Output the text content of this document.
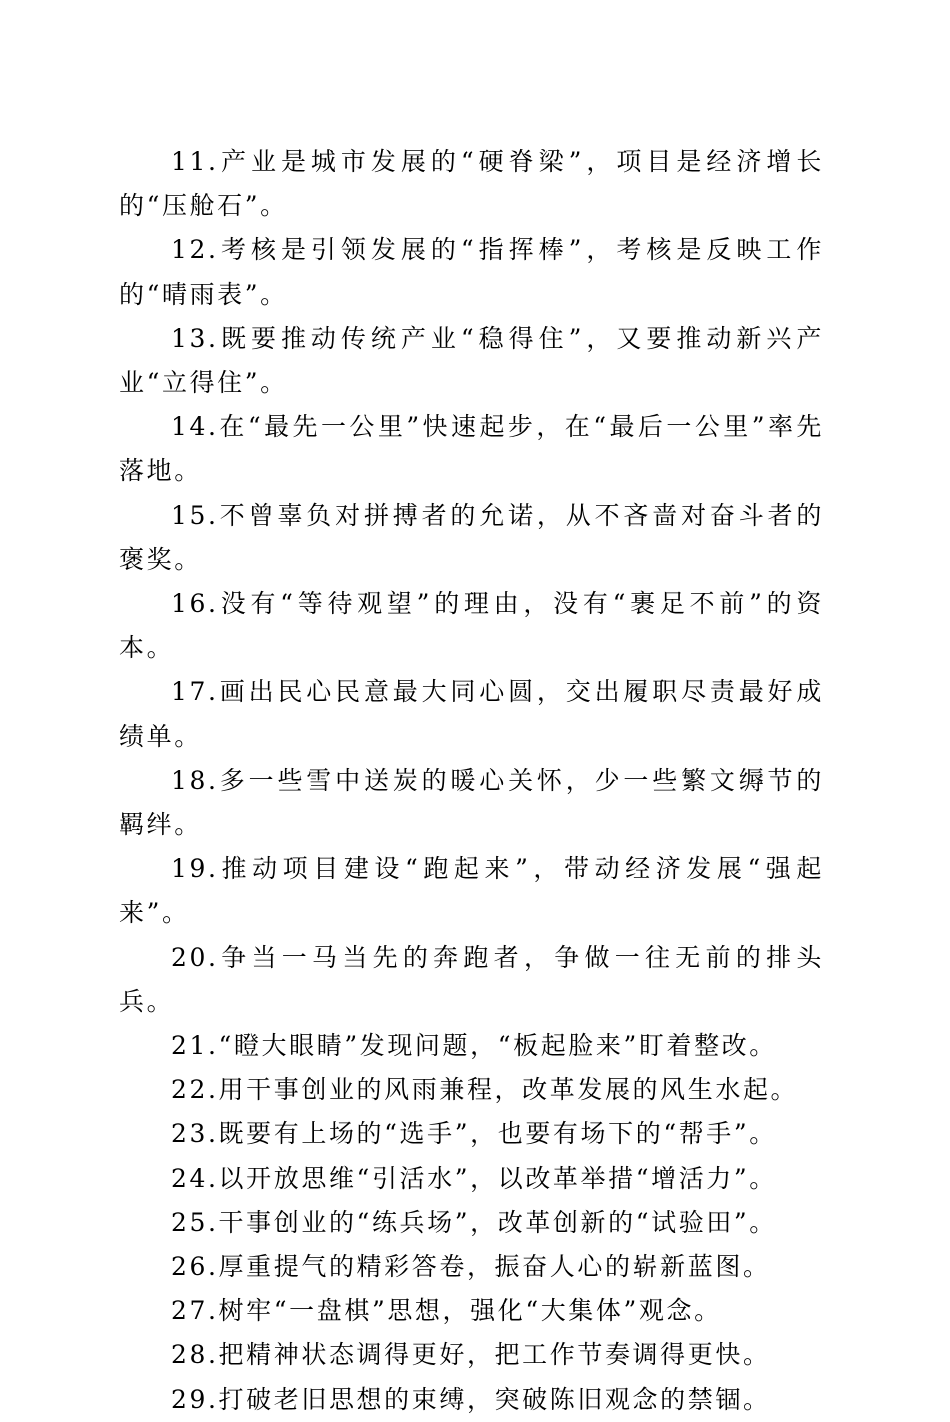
11.产业是城市发展的“硬脊梁”，项目是经济增长的“压舱石”。

12.考核是引领发展的“指挥棒”，考核是反映工作的“晴雨表”。

13.既要推动传统产业“稳得住”，又要推动新兴产业“立得住”。

14.在“最先一公里”快速起步，在“最后一公里”率先落地。

15.不曾辜负对拼搏者的允诺，从不吝啬对奋斗者的褒奖。

16.没有“等待观望”的理由，没有“裹足不前”的资本。

17.画出民心民意最大同心圆，交出履职尽责最好成绩单。

18.多一些雪中送炭的暖心关怀，少一些繁文缛节的羁绊。

19.推动项目建设“跑起来”，带动经济发展“强起来”。

20.争当一马当先的奔跑者，争做一往无前的排头兵。

21.“瞪大眼睛”发现问题，“板起脸来”盯着整改。

22.用干事创业的风雨兼程，改革发展的风生水起。

23.既要有上场的“选手”，也要有场下的“帮手”。

24.以开放思维“引活水”，以改革举措“增活力”。

25.干事创业的“练兵场”，改革创新的“试验田”。

26.厚重提气的精彩答卷，振奋人心的崭新蓝图。

27.树牢“一盘棋”思想，强化“大集体”观念。

28.把精神状态调得更好，把工作节奏调得更快。

29.打破老旧思想的束缚，突破陈旧观念的禁锢。
